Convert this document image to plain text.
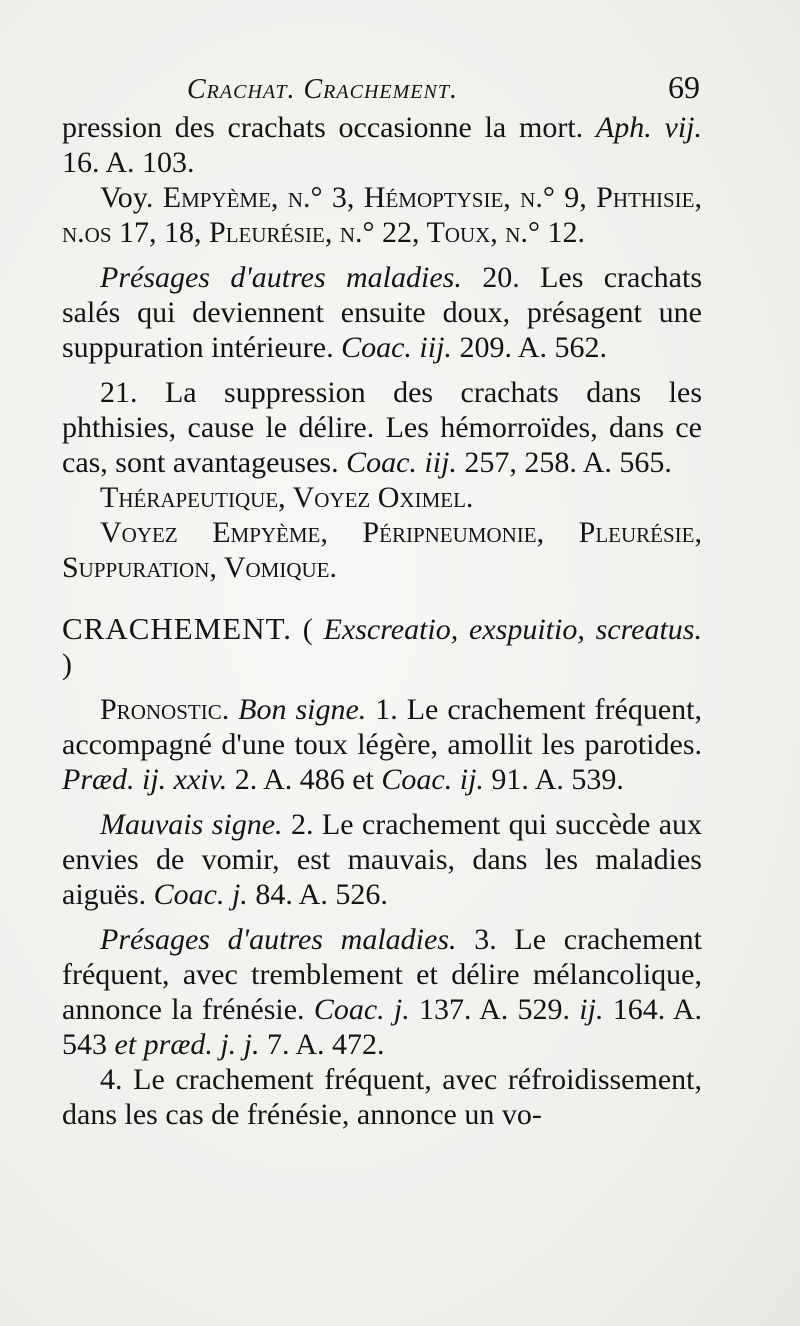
Crachat. Crachement.	69

pression des crachats occasionne la mort. Aph. vij. 16. A. 103.

Voy. Empyème, n.° 3, Hémoptysie, n.° 9, Phthisie, n.os 17, 18, Pleurésie, n.° 22, Toux, n.° 12.

Présages d'autres maladies. 20. Les crachats salés qui deviennent ensuite doux, présagent une suppuration intérieure. Coac. iij. 209. A. 562.

21. La suppression des crachats dans les phthisies, cause le délire. Les hémorroïdes, dans ce cas, sont avantageuses. Coac. iij. 257, 258. A. 565.

Thérapeutique, Voyez Oximel.

Voyez Empyème, Péripneumonie, Pleurésie, Suppuration, Vomique.

CRACHEMENT. ( Exscreatio, exspuitio, screatus. )

Pronostic. Bon signe. 1. Le crachement fréquent, accompagné d'une toux légère, amollit les parotides. Præd. ij. xxiv. 2. A. 486 et Coac. ij. 91. A. 539.

Mauvais signe. 2. Le crachement qui succède aux envies de vomir, est mauvais, dans les maladies aiguës. Coac. j. 84. A. 526.

Présages d'autres maladies. 3. Le crachement fréquent, avec tremblement et délire mélancolique, annonce la frénésie. Coac. j. 137. A. 529. ij. 164. A. 543 et præd. j. j. 7. A. 472.

4. Le crachement fréquent, avec réfroidissement, dans les cas de frénésie, annonce un vo-
